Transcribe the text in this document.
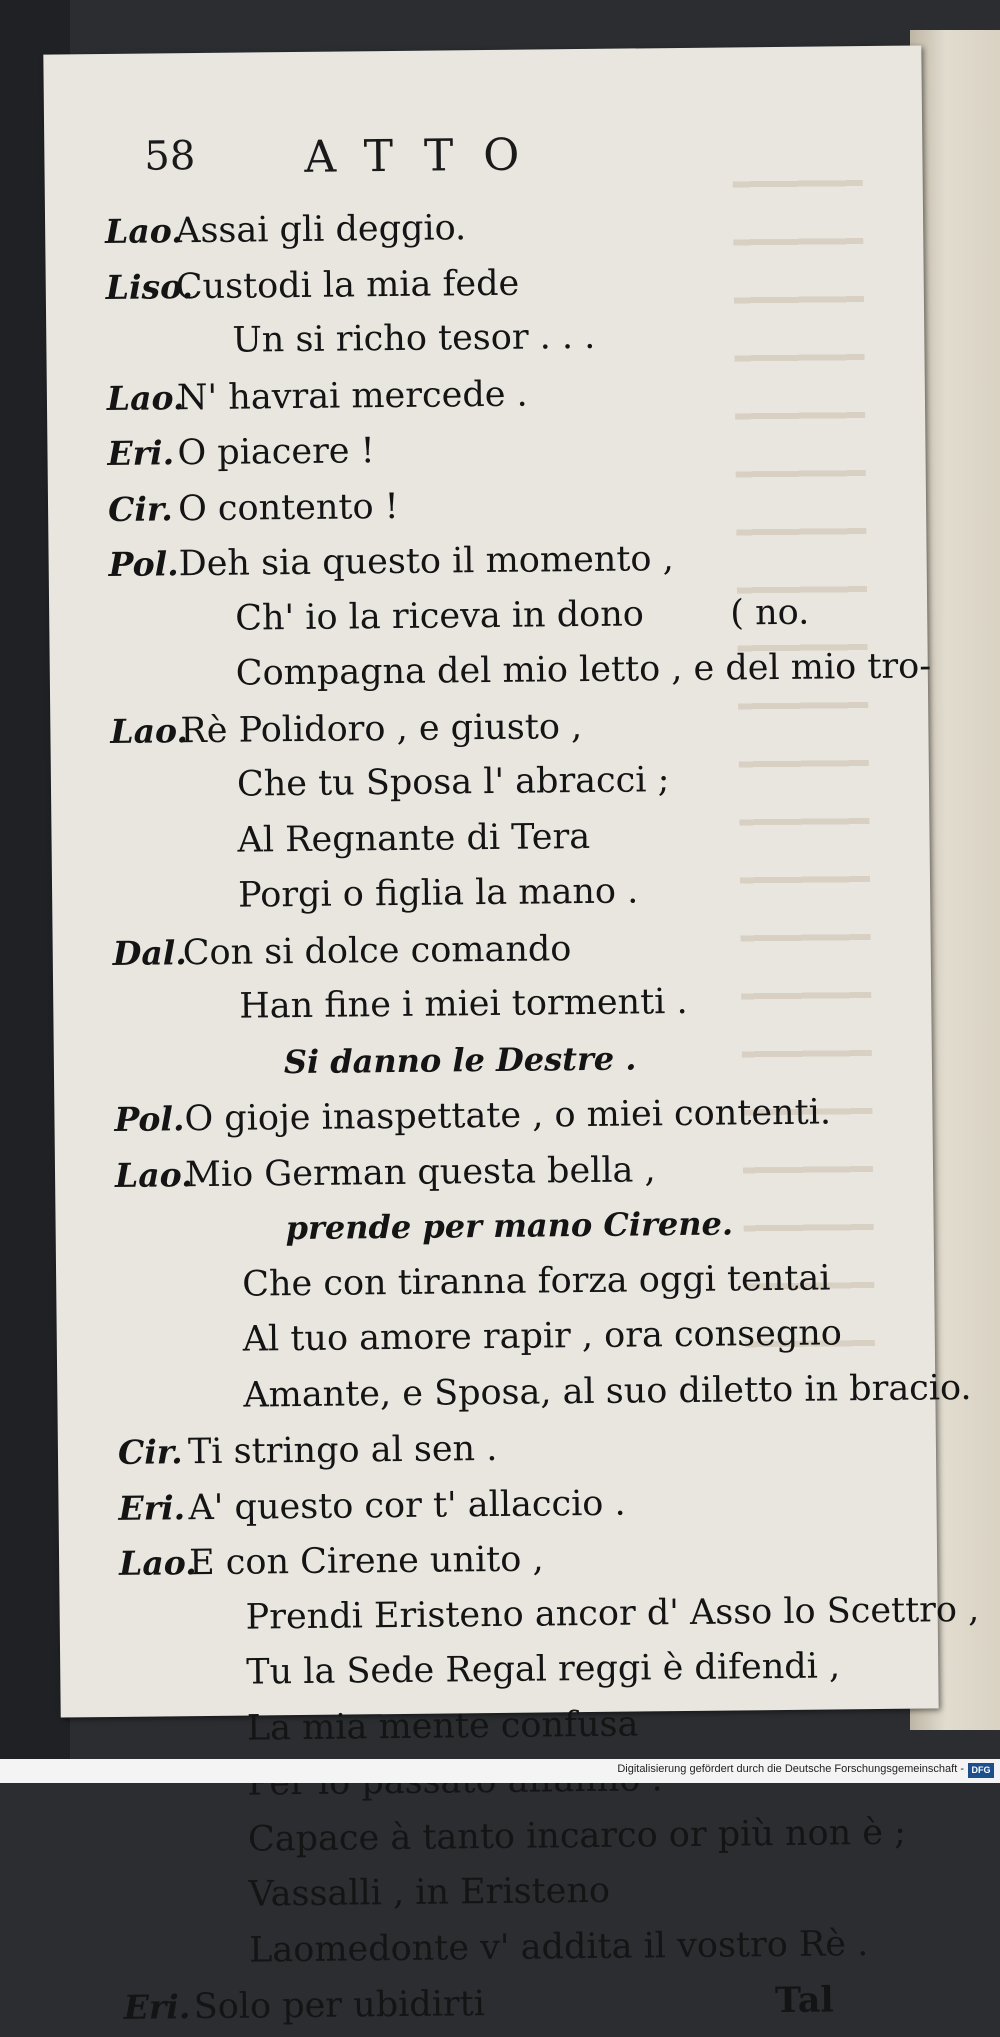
58 ATTO
Lao.Assai gli deggio.
Liso.Custodi la mia fede
Un si richo tesor . . .
Lao.N' havrai mercede .
Eri.O piacere !
Cir. O contento !
Pol.Deh sia questo il momento ,
Ch' io la riceva in dono ( no.
Compagna del mio letto , e del mio tro-
Lao.Rè Polidoro , e giusto ,
Che tu Sposa l' abracci ;
Al Regnante di Tera
Porgi o figlia la mano .
Dal.Con si dolce comando
Han fine i miei tormenti .
Si danno le Destre .
Pol.O gioje inaspettate , o miei contenti.
Lao.Mio German questa bella ,
prende per mano Cirene.
Che con tiranna forza oggi tentai
Al tuo amore rapir , ora consegno
Amante, e Sposa, al suo diletto in bracio.
Cir. Ti stringo al sen .
Eri.A' questo cor t' allaccio .
Lao.E con Cirene unito ,
Prendi Eristeno ancor d' Asso lo Scettro ,
Tu la Sede Regal reggi è difendi ,
La mia mente confusa
Capace à tanto incarco or più non è ;
Vassalli , in Eristeno
Laomedonte v' addita il vostro Rè .
Eri.Solo per ubidirti	Tal
Digitalisierung gefördert durch die Deutsche Forschungsgemeinschaft - DFG
